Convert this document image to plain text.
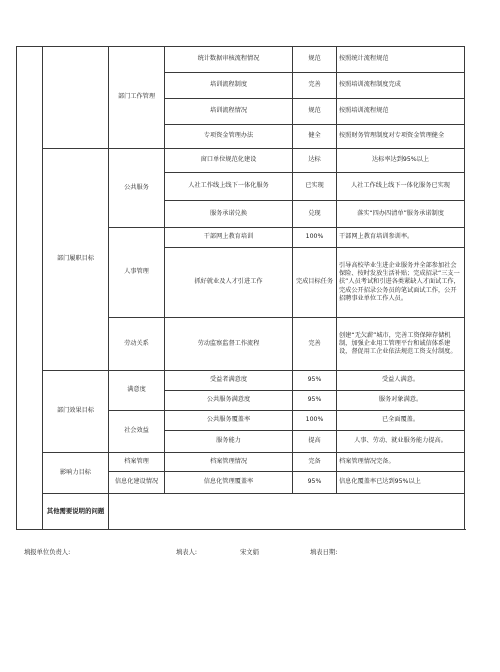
		部门工作管理	统计数据审核流程情况	规范	按照统计流程规范
			培训流程制度	完善	按照培训流程制度完成
			培训流程情况	规范	按照培训流程规范
			专项资金管理办法	健全	按照财务管理制度对专项资金管理健全
	部门履职目标	公共服务	窗口单位规范化建设	达标	达标率达到95%以上
			人社工作线上线下一体化服务	已实现	人社工作线上线下一体化服务已实现
			服务承诺兑换	兑现	落实“四办四清单”服务承诺制度
		人事管理	干部网上教育培训	100%	干部网上教育培训参训率。
			抓好就业及人才引进工作	完成目标任务	引导高校毕业生进企业服务并全部参加社会保险、按时发放生活补贴；完成招录“三支一扶”人员考试和引进各类紧缺人才面试工作，完成公开招录公务员的笔试面试工作，公开招聘事业单位工作人员。
		劳动关系	劳动监察监督工作流程	完善	创建“无欠薪”城市，完善工资保障存储机制，加强企业用工管理平台和诚信体系建设，督促用工企业依法规范工资支付制度。
	部门效果目标	满意度	受益者满意度	95%	受益人满意。
			公共服务满意度	95%	服务对象满意。
		社会效益	公共服务覆盖率	100%	已全面覆盖。
			服务能力	提高	人事、劳动、就业服务能力提高。
	影响力目标	档案管理	档案管理情况	完备	档案管理情况完备。
		信息化建设情况	信息化管理覆盖率	95%	信息化覆盖率已达到95%以上
	其他需要说明的问题				
填报单位负责人:	填表人:	宋文娟	填表日期:
